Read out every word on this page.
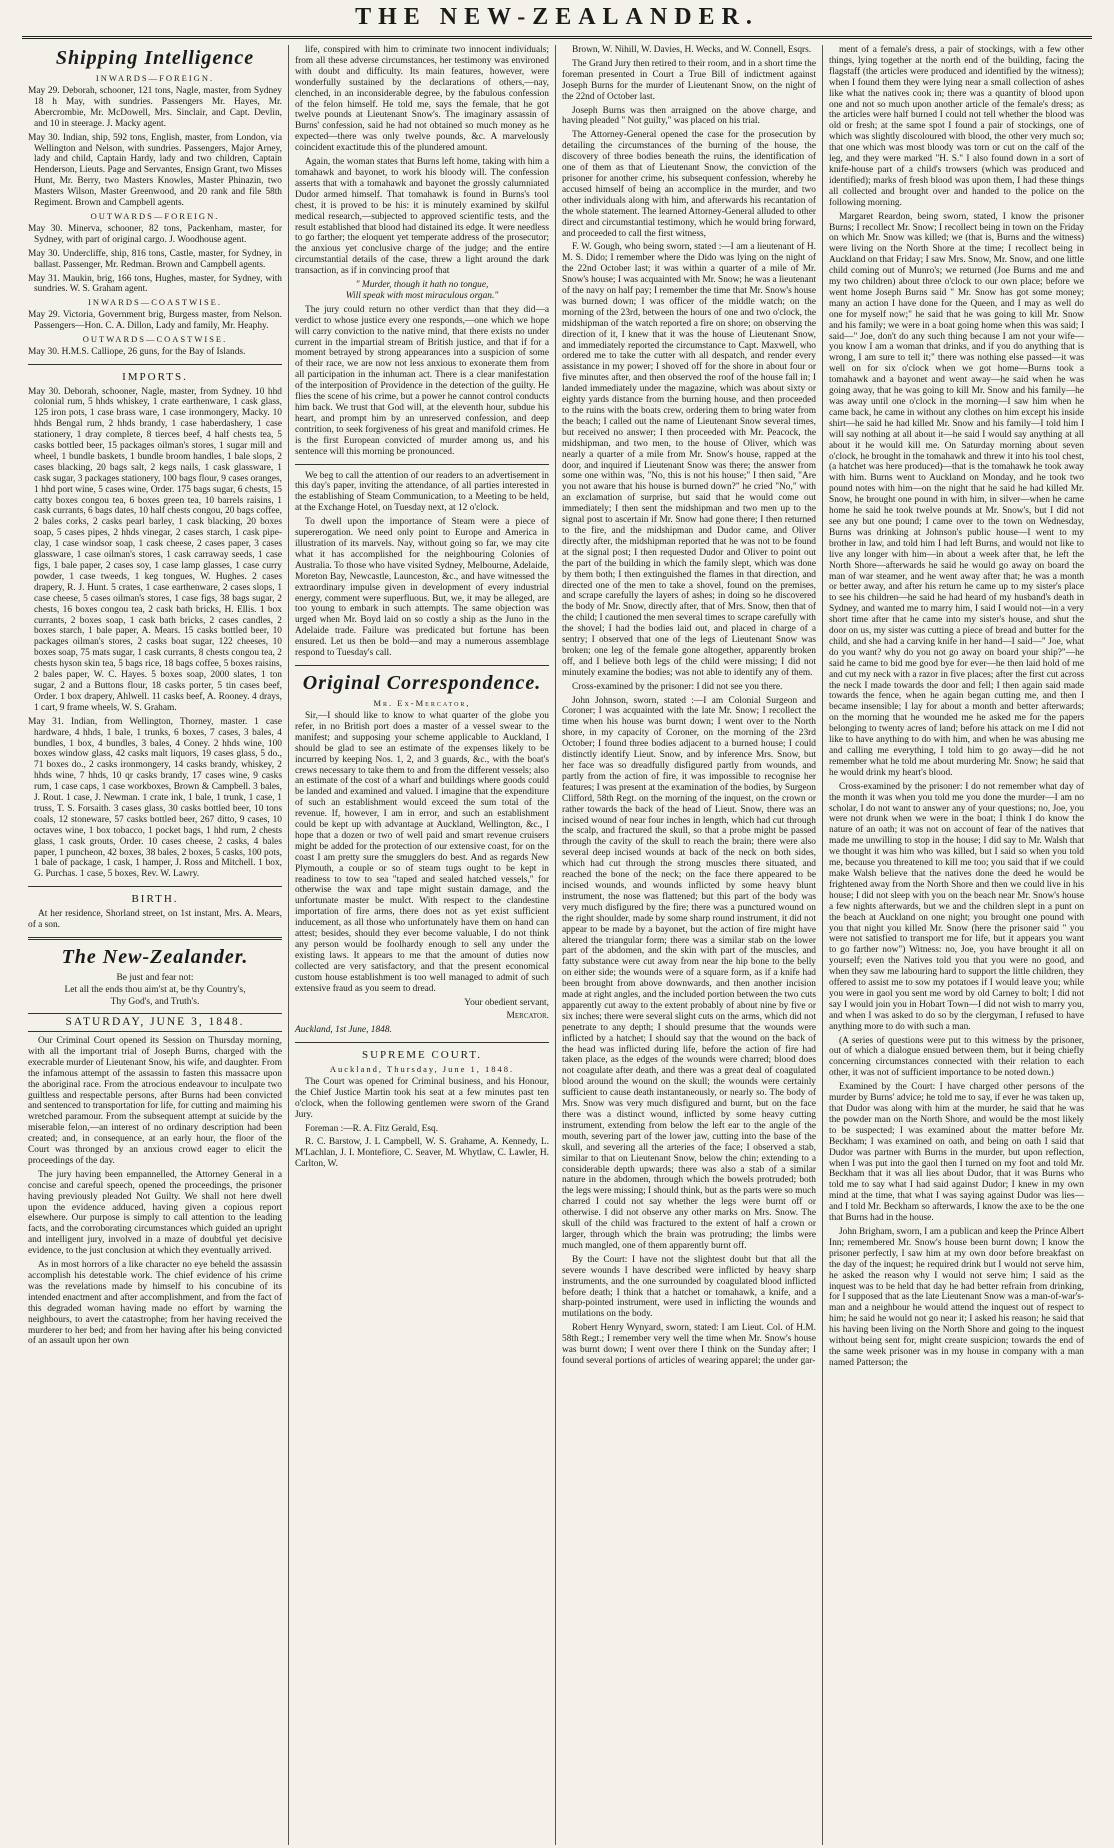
THE NEW-ZEALANDER.
Shipping Intelligence
INWARDS—FOREIGN.

May 29. Deborah, schooner, 121 tons, Nagle, master, from Sydney 18 h May, with sundries. Passengers Mr. Hayes, Mr. Abercrombie, Mr. McDowell, Mrs. Sinclair, and Capt. Devlin, and 10 in steerage. J. Macky agent.

May 30. Indian, ship, 592 tons, English, master, from London, via Wellington and Nelson, with sundries. Passengers, Major Arney, lady and child, Captain Hardy, lady and two children, Captain Henderson, Lieuts. Page and Servantes, Ensign Grant, two Misses Hunt, Mr. Berry, two Masters Knowles, Master Phinazin, two Masters Wilson, Master Greenwood, and 20 rank and file 58th Regiment. Brown and Campbell agents.

OUTWARDS—FOREIGN.

May 30. Minerva, schooner, 82 tons, Packenham, master, for Sydney, with part of original cargo. J. Woodhouse agent.

May 30. Undercliffe, ship, 816 tons, Castle, master, for Sydney, in ballast. Passenger, Mr. Redman. Brown and Campbell agents.

May 31. Maukin, brig, 166 tons, Hughes, master, for Sydney, with sundries. W. S. Graham agent.

INWARDS—COASTWISE.

May 29. Victoria, Government brig, Burgess master, from Nelson. Passengers—Hon. C. A. Dillon, Lady and family, Mr. Heaphy.

OUTWARDS—COASTWISE.

May 30. H.M.S. Calliope, 26 guns, for the Bay of Islands.

IMPORTS.

May 30. Deborah, schooner, Nagle, master, from Sydney. 10 hhd colonial rum, 5 hhds whiskey, 1 crate earthenware, 1 cask glass, 125 iron pots, 1 case brass ware, 1 case ironmongery, Macky. 10 hhds Bengal rum, 2 hhds brandy, 1 case haberdashery, 1 case stationery, 1 dray complete, 8 tierces beef, 4 half chests tea, 5 casks bottled beer, 15 packages oilman's stores, 1 sugar mill and wheel, 1 bundle baskets, 1 bundle broom handles, 1 bale slops, 2 cases blacking, 20 bags salt, 2 kegs nails, 1 cask glassware, 1 cask sugar, 3 packages stationery, 100 bags flour, 9 cases oranges, 1 hhd port wine, 5 cases wine, Order. 175 bags sugar, 6 chests, 15 catty boxes congou tea, 6 boxes green tea, 10 barrels raisins, 1 cask currants, 6 bags dates, 10 half chests congou, 20 bags coffee, 2 bales corks, 2 casks pearl barley, 1 cask blacking, 20 boxes soap, 5 cases pipes, 2 hhds vinegar, 2 cases starch, 1 cask pipe-clay, 1 case windsor soap, 1 cask cheese, 2 cases paper, 3 cases glassware, 1 case oilman's stores, 1 cask carraway seeds, 1 case figs, 1 bale paper, 2 cases soy, 1 case lamp glasses, 1 case curry powder, 1 case tweeds, 1 keg tongues, W. Hughes. 2 cases drapery, R. J. Hunt. 5 crates, 1 case earthenware, 2 cases slops, 1 case cheese, 5 cases oilman's stores, 1 case figs, 38 bags sugar, 2 chests, 16 boxes congou tea, 2 cask bath bricks, H. Ellis. 1 box currants, 2 boxes soap, 1 cask bath bricks, 2 cases candles, 2 boxes starch, 1 bale paper, A. Mears. 15 casks bottled beer, 10 packages oilman's stores, 2 casks boat sugar, 122 cheeses, 10 boxes soap, 75 mats sugar, 1 cask currants, 8 chests congou tea, 2 chests hyson skin tea, 5 bags rice, 18 bags coffee, 5 boxes raisins, 2 bales paper, W. C. Hayes. 5 boxes soap, 2000 slates, 1 ton sugar, 2 and a Buttons flour, 18 casks porter, 5 tin cases beef, Order. 1 box drapery, Ahlwell. 11 casks beef, A. Rooney. 4 drays, 1 cart, 9 frame wheels, W. S. Graham.

May 31. Indian, from Wellington, Thorney, master. 1 case hardware, 4 hhds, 1 bale, 1 trunks, 6 boxes, 7 cases, 3 bales, 4 bundles, 1 box, 4 bundles, 3 bales, 4 Coney. 2 hhds wine, 100 boxes window glass, 42 casks malt liquors, 19 cases glass, 5 do., 71 boxes do., 2 casks ironmongery, 14 casks brandy, whiskey, 2 hhds wine, 7 hhds, 10 qr casks brandy, 17 cases wine, 9 casks rum, 1 case caps, 1 case workboxes, Brown & Campbell. 3 bales, J. Rout. 1 case, J. Newman. 1 crate ink, 1 bale, 1 trunk, 1 case, 1 truss, T. S. Forsaith. 3 cases glass, 30 casks bottled beer, 10 tons coals, 12 stoneware, 57 casks bottled beer, 267 ditto, 9 cases, 10 octaves wine, 1 box tobacco, 1 pocket bags, 1 hhd rum, 2 chests glass, 1 cask grouts, Order. 10 cases cheese, 2 casks, 4 bales paper, 1 puncheon, 42 boxes, 38 bales, 2 boxes, 5 casks, 100 pots, 1 bale of package, 1 cask, 1 hamper, J. Ross and Mitchell. 1 box, G. Purchas. 1 case, 5 boxes, Rev. W. Lawry.

BIRTH.

At her residence, Shorland street, on 1st instant, Mrs. A. Mears, of a son.

The New-Zealander.
Be just and fear not:
Let all the ends thou aim'st at, be thy Country's,
Thy God's, and Truth's.
SATURDAY, JUNE 3, 1848.

Our Criminal Court opened its Session on Thursday morning, with all the important trial of Joseph Burns, charged with the execrable murder of Lieutenant Snow, his wife, and daughter. From the infamous attempt of the assassin to fasten this massacre upon the aboriginal race. From the atrocious endeavour to inculpate two guiltless and respectable persons, after Burns had been convicted and sentenced to transportation for life, for cutting and maiming his wretched paramour. From the subsequent attempt at suicide by the miserable felon,—an interest of no ordinary description had been created; and, in consequence, at an early hour, the floor of the Court was thronged by an anxious crowd eager to elicit the proceedings of the day.

The jury having been empannelled, the Attorney General in a concise and careful speech, opened the proceedings, the prisoner having previously pleaded Not Guilty. We shall not here dwell upon the evidence adduced, having given a copious report elsewhere. Our purpose is simply to call attention to the leading facts, and the corroborating circumstances which guided an upright and intelligent jury, involved in a maze of doubtful yet decisive evidence, to the just conclusion at which they eventually arrived.

As in most horrors of a like character no eye beheld the assassin accomplish his detestable work. The chief evidence of his crime was the revelations made by himself to his concubine of its intended enactment and after accomplishment, and from the fact of this degraded woman having made no effort by warning the neighbours, to avert the catastrophe; from her having received the murderer to her bed; and from her having after his being convicted of an assault upon her own

life, conspired with him to criminate two innocent individuals; from all these adverse circumstances, her testimony was environed with doubt and difficulty. Its main features, however, were wonderfully sustained by the declarations of others,—nay, clenched, in an inconsiderable degree, by the fabulous confession of the felon himself. He told me, says the female, that he got twelve pounds at Lieutenant Snow's. The imaginary assassin of Burns' confession, said he had not obtained so much money as he expected—there was only twelve pounds, &c. A marvelously coincident exactitude this of the plundered amount.

Again, the woman states that Burns left home, taking with him a tomahawk and bayonet, to work his bloody will. The confession asserts that with a tomahawk and bayonet the grossly calumniated Dudor armed himself. That tomahawk is found in Burns's tool chest, it is proved to be his: it is minutely examined by skilful medical research,—subjected to approved scientific tests, and the result established that blood had distained its edge. It were needless to go farther; the eloquent yet temperate address of the prosecutor; the anxious yet conclusive charge of the judge; and the entire circumstantial details of the case, threw a light around the dark transaction, as if in convincing proof that

" Murder, though it hath no tongue,
Will speak with most miraculous organ."

The jury could return no other verdict than that they did—a verdict to whose justice every one responds,—one which we hope will carry conviction to the native mind, that there exists no under current in the impartial stream of British justice, and that if for a moment betrayed by strong appearances into a suspicion of some of their race, we are now not less anxious to exonerate them from all participation in the inhuman act. There is a clear manifestation of the interposition of Providence in the detection of the guilty. He flies the scene of his crime, but a power he cannot control conducts him back. We trust that God will, at the eleventh hour, subdue his heart, and prompt him by an unreserved confession, and deep contrition, to seek forgiveness of his great and manifold crimes. He is the first European convicted of murder among us, and his sentence will this morning be pronounced.

We beg to call the attention of our readers to an advertisement in this day's paper, inviting the attendance, of all parties interested in the establishing of Steam Communication, to a Meeting to be held, at the Exchange Hotel, on Tuesday next, at 12 o'clock.

To dwell upon the importance of Steam were a piece of supererogation. We need only point to Europe and America in illustration of its marvels. Nay, without going so far, we may cite what it has accomplished for the neighbouring Colonies of Australia. To those who have visited Sydney, Melbourne, Adelaide, Moreton Bay, Newcastle, Launceston, &c., and have witnessed the extraordinary impulse given in development of every industrial energy, comment were superfluous. But, we, it may be alleged, are too young to embark in such attempts. The same objection was urged when Mr. Boyd laid on so costly a ship as the Juno in the Adelaide trade. Failure was predicated but fortune has been ensured. Let us then be bold—and may a numerous assemblage respond to Tuesday's call.

Original Correspondence.
Mr. Ex-Mercator,

Sir,—I should like to know to what quarter of the globe you refer, in no British port does a master of a vessel swear to the manifest; and supposing your scheme applicable to Auckland, I should be glad to see an estimate of the expenses likely to be incurred by keeping Nos. 1, 2, and 3 guards, &c., with the boat's crews necessary to take them to and from the different vessels; also an estimate of the cost of a wharf and buildings where goods could be landed and examined and valued. I imagine that the expenditure of such an establishment would exceed the sum total of the revenue. If, however, I am in error, and such an establishment could be kept up with advantage at Auckland, Wellington, &c., I hope that a dozen or two of well paid and smart revenue cruisers might be added for the protection of our extensive coast, for on the coast I am pretty sure the smugglers do best. And as regards New Plymouth, a couple or so of steam tugs ought to be kept in readiness to tow to sea "taped and sealed hatched vessels," for otherwise the wax and tape might sustain damage, and the unfortunate master be mulct. With respect to the clandestine importation of fire arms, there does not as yet exist sufficient inducement, as all those who unfortunately have them on hand can attest; besides, should they ever become valuable, I do not think any person would be foolhardy enough to sell any under the existing laws. It appears to me that the amount of duties now collected are very satisfactory, and that the present economical custom house establishment is too well managed to admit of such extensive fraud as you seem to dread.

Your obedient servant,
Mercator.
Auckland, 1st June, 1848.
SUPREME COURT.
Auckland, Thursday, June 1, 1848.

The Court was opened for Criminal business, and his Honour, the Chief Justice Martin took his seat at a few minutes past ten o'clock, when the following gentlemen were sworn of the Grand Jury.

Foreman :—R. A. Fitz Gerald, Esq.

R. C. Barstow, J. L Campbell, W. S. Grahame, A. Kennedy, L. M'Lachlan, J. I. Montefiore, C. Seaver, M. Whytlaw, C. Lawler, H. Carlton, W.

Brown, W. Nihill, W. Davies, H. Wecks, and W. Connell, Esqrs.

The Grand Jury then retired to their room, and in a short time the foreman presented in Court a True Bill of indictment against Joseph Burns for the murder of Lieutenant Snow, on the night of the 22nd of October last.

Joseph Burns was then arraigned on the above charge, and having pleaded " Not guilty," was placed on his trial.

The Attorney-General opened the case for the prosecution by detailing the circumstances of the burning of the house, the discovery of three bodies beneath the ruins, the identification of one of them as that of Lieutenant Snow, the conviction of the prisoner for another crime, his subsequent confession, whereby he accused himself of being an accomplice in the murder, and two other individuals along with him, and afterwards his recantation of the whole statement. The learned Attorney-General alluded to other direct and circumstantial testimony, which he would bring forward, and proceeded to call the first witness,

F. W. Gough, who being sworn, stated :—I am a lieutenant of H. M. S. Dido; I remember where the Dido was lying on the night of the 22nd October last; it was within a quarter of a mile of Mr. Snow's house; I was acquainted with Mr. Snow; he was a lieutenant of the navy on half pay; I remember the time that Mr. Snow's house was burned down; I was officer of the middle watch; on the morning of the 23rd, between the hours of one and two o'clock, the midshipman of the watch reported a fire on shore; on observing the direction of it, I knew that it was the house of Lieutenant Snow, and immediately reported the circumstance to Capt. Maxwell, who ordered me to take the cutter with all despatch, and render every assistance in my power; I shoved off for the shore in about four or five minutes after, and then observed the roof of the house fall in; I landed immediately under the magazine, which was about sixty or eighty yards distance from the burning house, and then proceeded to the ruins with the boats crew, ordering them to bring water from the beach; I called out the name of Lieutenant Snow several times, but received no answer; I then proceeded with Mr. Peacock, the midshipman, and two men, to the house of Oliver, which was nearly a quarter of a mile from Mr. Snow's house, rapped at the door, and inquired if Lieutenant Snow was there; the answer from some one within was, "No, this is not his house;" I then said, "Are you not aware that his house is burned down?" he cried "No," with an exclamation of surprise, but said that he would come out immediately; I then sent the midshipman and two men up to the signal post to ascertain if Mr. Snow had gone there; I then returned to the fire, and the midshipman and Dudor came, and Oliver directly after, the midshipman reported that he was not to be found at the signal post; I then requested Dudor and Oliver to point out the part of the building in which the family slept, which was done by them both; I then extinguished the flames in that direction, and directed one of the men to take a shovel, found on the premises, and scrape carefully the layers of ashes; in doing so he discovered the body of Mr. Snow, directly after, that of Mrs. Snow, then that of the child; I cautioned the men several times to scrape carefully with the shovel; I had the bodies laid out, and placed in charge of a sentry; I observed that one of the legs of Lieutenant Snow was broken; one leg of the female gone altogether, apparently broken off, and I believe both legs of the child were missing; I did not minutely examine the bodies; was not able to identify any of them.

Cross-examined by the prisoner: I did not see you there.

John Johnson, sworn, stated :—I am Colonial Surgeon and Coroner; I was acquainted with the late Mr. Snow; I recollect the time when his house was burnt down; I went over to the North shore, in my capacity of Coroner, on the morning of the 23rd October; I found three bodies adjacent to a burned house; I could distinctly identify Lieut. Snow, and by inference Mrs. Snow, but her face was so dreadfully disfigured partly from wounds, and partly from the action of fire, it was impossible to recognise her features; I was present at the examination of the bodies, by Surgeon Clifford, 58th Regt. on the morning of the inquest, on the crown or rather towards the back of the head of Lieut. Snow, there was an incised wound of near four inches in length, which had cut through the scalp, and fractured the skull, so that a probe might be passed through the cavity of the skull to reach the brain; there were also several deep incised wounds at back of the neck on both sides, which had cut through the strong muscles there situated, and reached the bone of the neck; on the face there appeared to be incised wounds, and wounds inflicted by some heavy blunt instrument, the nose was flattened; but this part of the body was very much disfigured by the fire; there was a punctured wound on the right shoulder, made by some sharp round instrument, it did not appear to be made by a bayonet, but the action of fire might have altered the triangular form; there was a similar stab on the lower part of the abdomen, and the skin with part of the muscles, and fatty substance were cut away from near the hip bone to the belly on either side; the wounds were of a square form, as if a knife had been brought from above downwards, and then another incision made at right angles, and the included portion between the two cuts apparently cut away to the extent probably of about nine by five or six inches; there were several slight cuts on the arms, which did not penetrate to any depth; I should presume that the wounds were inflicted by a hatchet; I should say that the wound on the back of the head was inflicted during life, before the action of fire had taken place, as the edges of the wounds were charred; blood does not coagulate after death, and there was a great deal of coagulated blood around the wound on the skull; the wounds were certainly sufficient to cause death instantaneously, or nearly so. The body of Mrs. Snow was very much disfigured and burnt, but on the face there was a distinct wound, inflicted by some heavy cutting instrument, extending from below the left ear to the angle of the mouth, severing part of the lower jaw, cutting into the base of the skull, and severing all the arteries of the face; I observed a stab, similar to that on Lieutenant Snow, below the chin; extending to a considerable depth upwards; there was also a stab of a similar nature in the abdomen, through which the bowels protruded; both the legs were missing; I should think, but as the parts were so much charred I could not say whether the legs were burnt off or otherwise. I did not observe any other marks on Mrs. Snow. The skull of the child was fractured to the extent of half a crown or larger, through which the brain was protruding; the limbs were much mangled, one of them apparently burnt off.

By the Court: I have not the slightest doubt but that all the severe wounds I have described were inflicted by heavy sharp instruments, and the one surrounded by coagulated blood inflicted before death; I think that a hatchet or tomahawk, a knife, and a sharp-pointed instrument, were used in inflicting the wounds and mutilations on the body.

Robert Henry Wynyard, sworn, stated: I am Lieut. Col. of H.M. 58th Regt.; I remember very well the time when Mr. Snow's house was burnt down; I went over there I think on the Sunday after; I found several portions of articles of wearing apparel; the under gar-

ment of a female's dress, a pair of stockings, with a few other things, lying together at the north end of the building, facing the flagstaff (the articles were produced and identified by the witness); when I found them they were lying near a small collection of ashes like what the natives cook in; there was a quantity of blood upon one and not so much upon another article of the female's dress; as the articles were half burned I could not tell whether the blood was old or fresh; at the same spot I found a pair of stockings, one of which was slightly discoloured with blood, the other very much so; that one which was most bloody was torn or cut on the calf of the leg, and they were marked "H. S." I also found down in a sort of knife-house part of a child's trowsers (which was produced and identified); marks of fresh blood was upon them, I had these things all collected and brought over and handed to the police on the following morning.

Margaret Reardon, being sworn, stated, I know the prisoner Burns; I recollect Mr. Snow; I recollect being in town on the Friday on which Mr. Snow was killed; we (that is, Burns and the witness) were living on the North Shore at the time; I recollect being in Auckland on that Friday; I saw Mrs. Snow, Mr. Snow, and one little child coming out of Munro's; we returned (Joe Burns and me and my two children) about three o'clock to our own place; before we went home Joseph Burns said " Mr. Snow has got some money; many an action I have done for the Queen, and I may as well do one for myself now;" he said that he was going to kill Mr. Snow and his family; we were in a boat going home when this was said; I said—" Joe, don't do any such thing because I am not your wife—you know I am a woman that drinks, and if you do anything that is wrong, I am sure to tell it;" there was nothing else passed—it was well on for six o'clock when we got home—Burns took a tomahawk and a bayonet and went away—he said when he was going away, that he was going to kill Mr. Snow and his family—he was away until one o'clock in the morning—I saw him when he came back, he came in without any clothes on him except his inside shirt—he said he had killed Mr. Snow and his family—I told him I will say nothing at all about it—he said I would say anything at all about it he would kill me. On Saturday morning about seven o'clock, he brought in the tomahawk and threw it into his tool chest, (a hatchet was here produced)—that is the tomahawk he took away with him. Burns went to Auckland on Monday, and he took two pound notes with him—on the night that he said he had killed Mr. Snow, he brought one pound in with him, in silver—when he came home he said he took twelve pounds at Mr. Snow's, but I did not see any but one pound; I came over to the town on Wednesday, Burns was drinking at Johnson's public house—I went to my brother in law, and told him I had left Burns, and would not like to live any longer with him—in about a week after that, he left the North Shore—afterwards he said he would go away on board the man of war steamer, and he went away after that; he was a month or better away, and after his return he came up to my sister's place to see his children—he said he had heard of my husband's death in Sydney, and wanted me to marry him, I said I would not—in a very short time after that he came into my sister's house, and shut the door on us, my sister was cutting a piece of bread and butter for the child, and she had a carving knife in her hand—I said—" Joe, what do you want? why do you not go away on board your ship?"—he said he came to bid me good bye for ever—he then laid hold of me and cut my neck with a razor in five places; after the first cut across the neck I made towards the door and fell; I then again said made towards the fence, when he again began cutting me, and then I became insensible; I lay for about a month and better afterwards; on the morning that he wounded me he asked me for the papers belonging to twenty acres of land; before his attack on me I did not like to have anything to do with him, and when he was abusing me and calling me everything, I told him to go away—did he not remember what he told me about murdering Mr. Snow; he said that he would drink my heart's blood.

Cross-examined by the prisoner: I do not remember what day of the month it was when you told me you done the murder—I am no scholar, I do not want to answer any of your questions; no, Joe, you were not drunk when we were in the boat; I think I do know the nature of an oath; it was not on account of fear of the natives that made me unwilling to stop in the house; I did say to Mr. Walsh that we thought it was him who was killed, but I said so when you told me, because you threatened to kill me too; you said that if we could make Walsh believe that the natives done the deed he would be frightened away from the North Shore and then we could live in his house; I did not sleep with you on the beach near Mr. Snow's house a few nights afterwards, but we and the children slept in a punt on the beach at Auckland on one night; you brought one pound with you that night you killed Mr. Snow (here the prisoner said " you were not satisfied to transport me for life, but it appears you want to go farther now") Witness: no, Joe, you have brought it all on yourself; even the Natives told you that you were no good, and when they saw me labouring hard to support the little children, they offered to assist me to sow my potatoes if I would leave you; while you were in gaol you sent me word by old Carney to bolt; I did not say I would join you in Hobart Town—I did not wish to marry you, and when I was asked to do so by the clergyman, I refused to have anything more to do with such a man.

(A series of questions were put to this witness by the prisoner, out of which a dialogue ensued between them, but it being chiefly concerning circumstances connected with their relation to each other, it was not of sufficient importance to be noted down.)

Examined by the Court: I have charged other persons of the murder by Burns' advice; he told me to say, if ever he was taken up, that Dudor was along with him at the murder, he said that he was the powder man on the North Shore, and would be the most likely to be suspected; I was examined about the matter before Mr. Beckham; I was examined on oath, and being on oath I said that Dudor was partner with Burns in the murder, but upon reflection, when I was put into the gaol then I turned on my foot and told Mr. Beckham that it was all lies about Dudor, that it was Burns who told me to say what I had said against Dudor; I knew in my own mind at the time, that what I was saying against Dudor was lies—and I told Mr. Beckham so afterwards, I know the axe to be the one that Burns had in the house.

John Brigham, sworn, I am a publican and keep the Prince Albert Inn; remembered Mr. Snow's house been burnt down; I know the prisoner perfectly, I saw him at my own door before breakfast on the day of the inquest; he required drink but I would not serve him, he asked the reason why I would not serve him; I said as the inquest was to be held that day he had better refrain from drinking, for I supposed that as the late Lieutenant Snow was a man-of-war's-man and a neighbour he would attend the inquest out of respect to him; he said he would not go near it; I asked his reason; he said that his having been living on the North Shore and going to the inquest without being sent for, might create suspicion; towards the end of the same week prisoner was in my house in company with a man named Patterson; the
